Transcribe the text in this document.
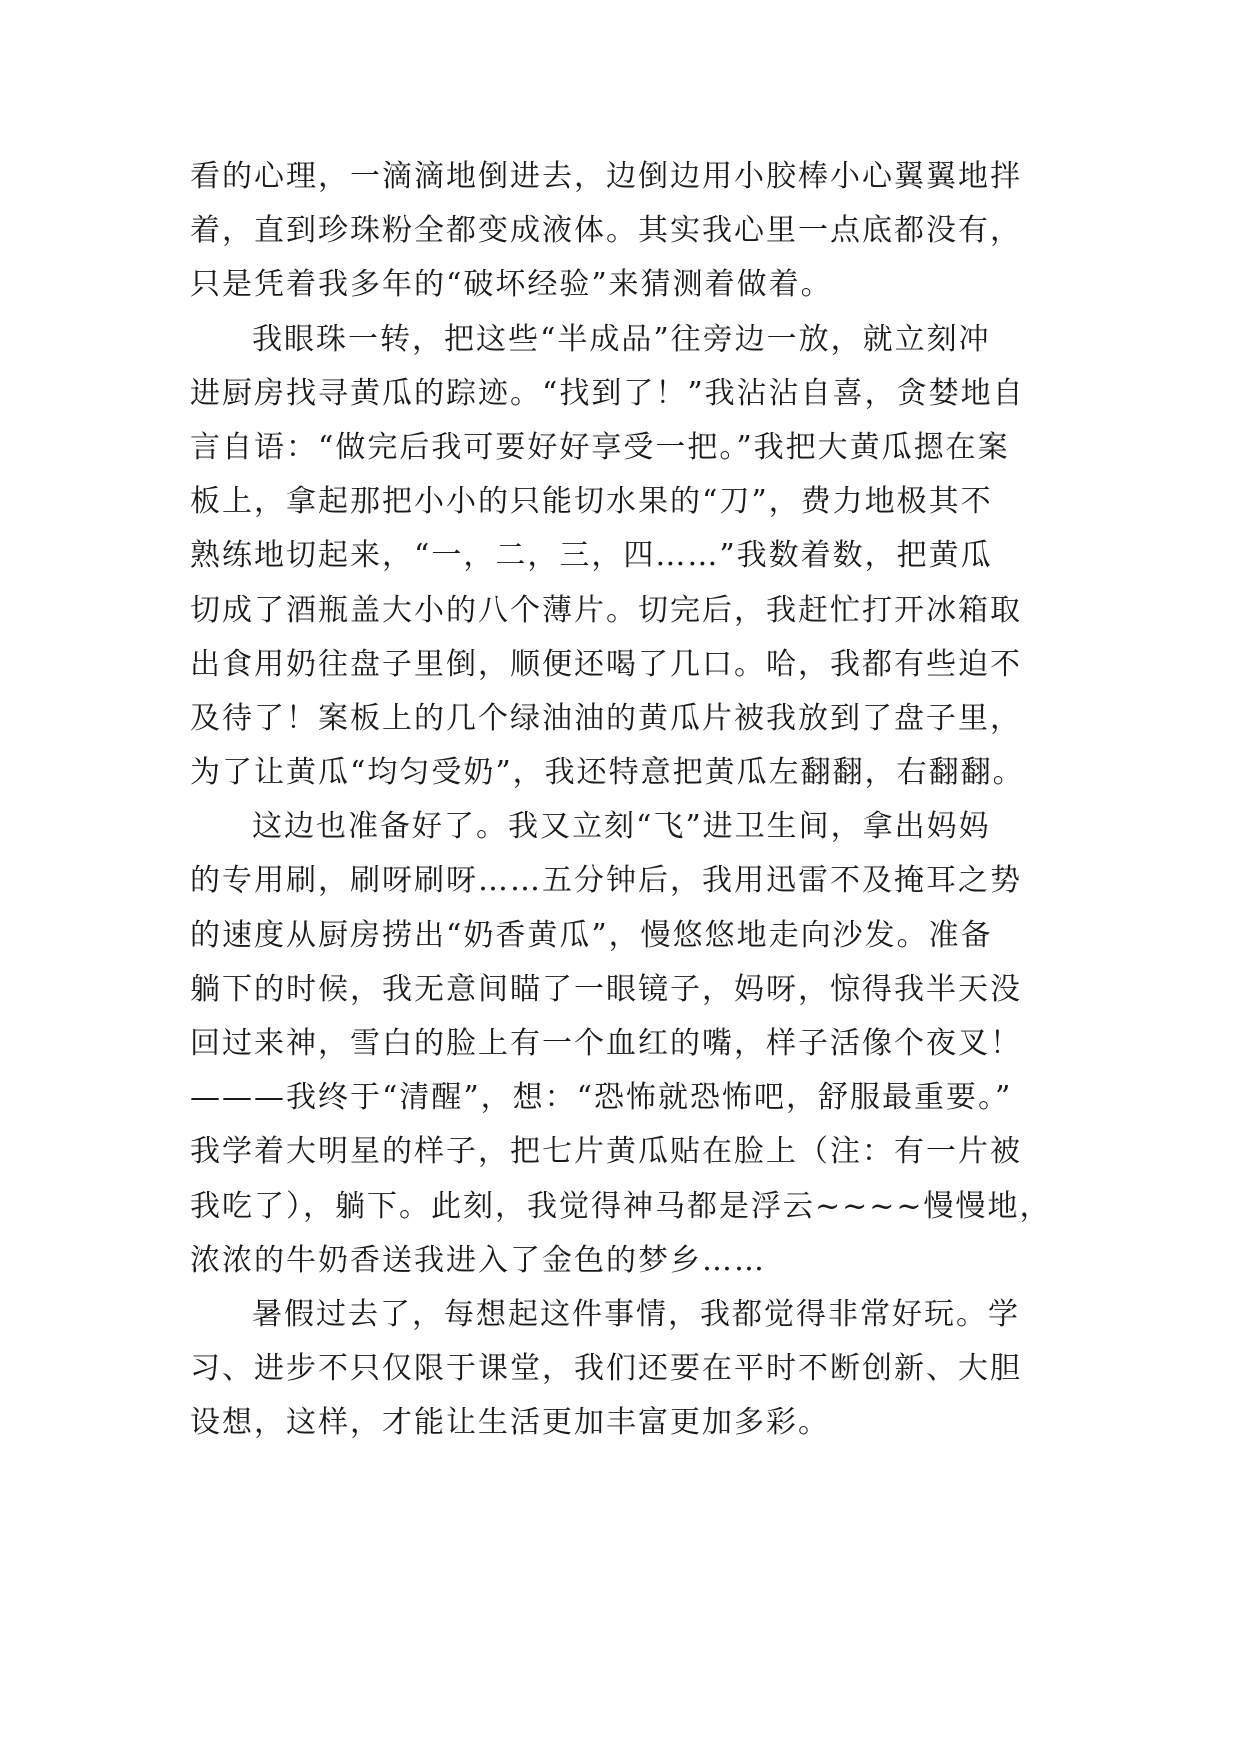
看的心理，一滴滴地倒进去，边倒边用小胶棒小心翼翼地拌
着，直到珍珠粉全都变成液体。其实我心里一点底都没有，
只是凭着我多年的“破坏经验”来猜测着做着。
我眼珠一转，把这些“半成品”往旁边一放，就立刻冲
进厨房找寻黄瓜的踪迹。“找到了！”我沾沾自喜，贪婪地自
言自语：“做完后我可要好好享受一把。”我把大黄瓜摁在案
板上，拿起那把小小的只能切水果的“刀”，费力地极其不
熟练地切起来，“一，二，三，四……”我数着数，把黄瓜
切成了酒瓶盖大小的八个薄片。切完后，我赶忙打开冰箱取
出食用奶往盘子里倒，顺便还喝了几口。哈，我都有些迫不
及待了！案板上的几个绿油油的黄瓜片被我放到了盘子里，
为了让黄瓜“均匀受奶”，我还特意把黄瓜左翻翻，右翻翻。
这边也准备好了。我又立刻“飞”进卫生间，拿出妈妈
的专用刷，刷呀刷呀……五分钟后，我用迅雷不及掩耳之势
的速度从厨房捞出“奶香黄瓜”，慢悠悠地走向沙发。准备
躺下的时候，我无意间瞄了一眼镜子，妈呀，惊得我半天没
回过来神，雪白的脸上有一个血红的嘴，样子活像个夜叉！
———我终于“清醒”，想：“恐怖就恐怖吧，舒服最重要。”
我学着大明星的样子，把七片黄瓜贴在脸上（注：有一片被
我吃了），躺下。此刻，我觉得神马都是浮云~~~~慢慢地，
浓浓的牛奶香送我进入了金色的梦乡……
暑假过去了，每想起这件事情，我都觉得非常好玩。学
习、进步不只仅限于课堂，我们还要在平时不断创新、大胆
设想，这样，才能让生活更加丰富更加多彩。
